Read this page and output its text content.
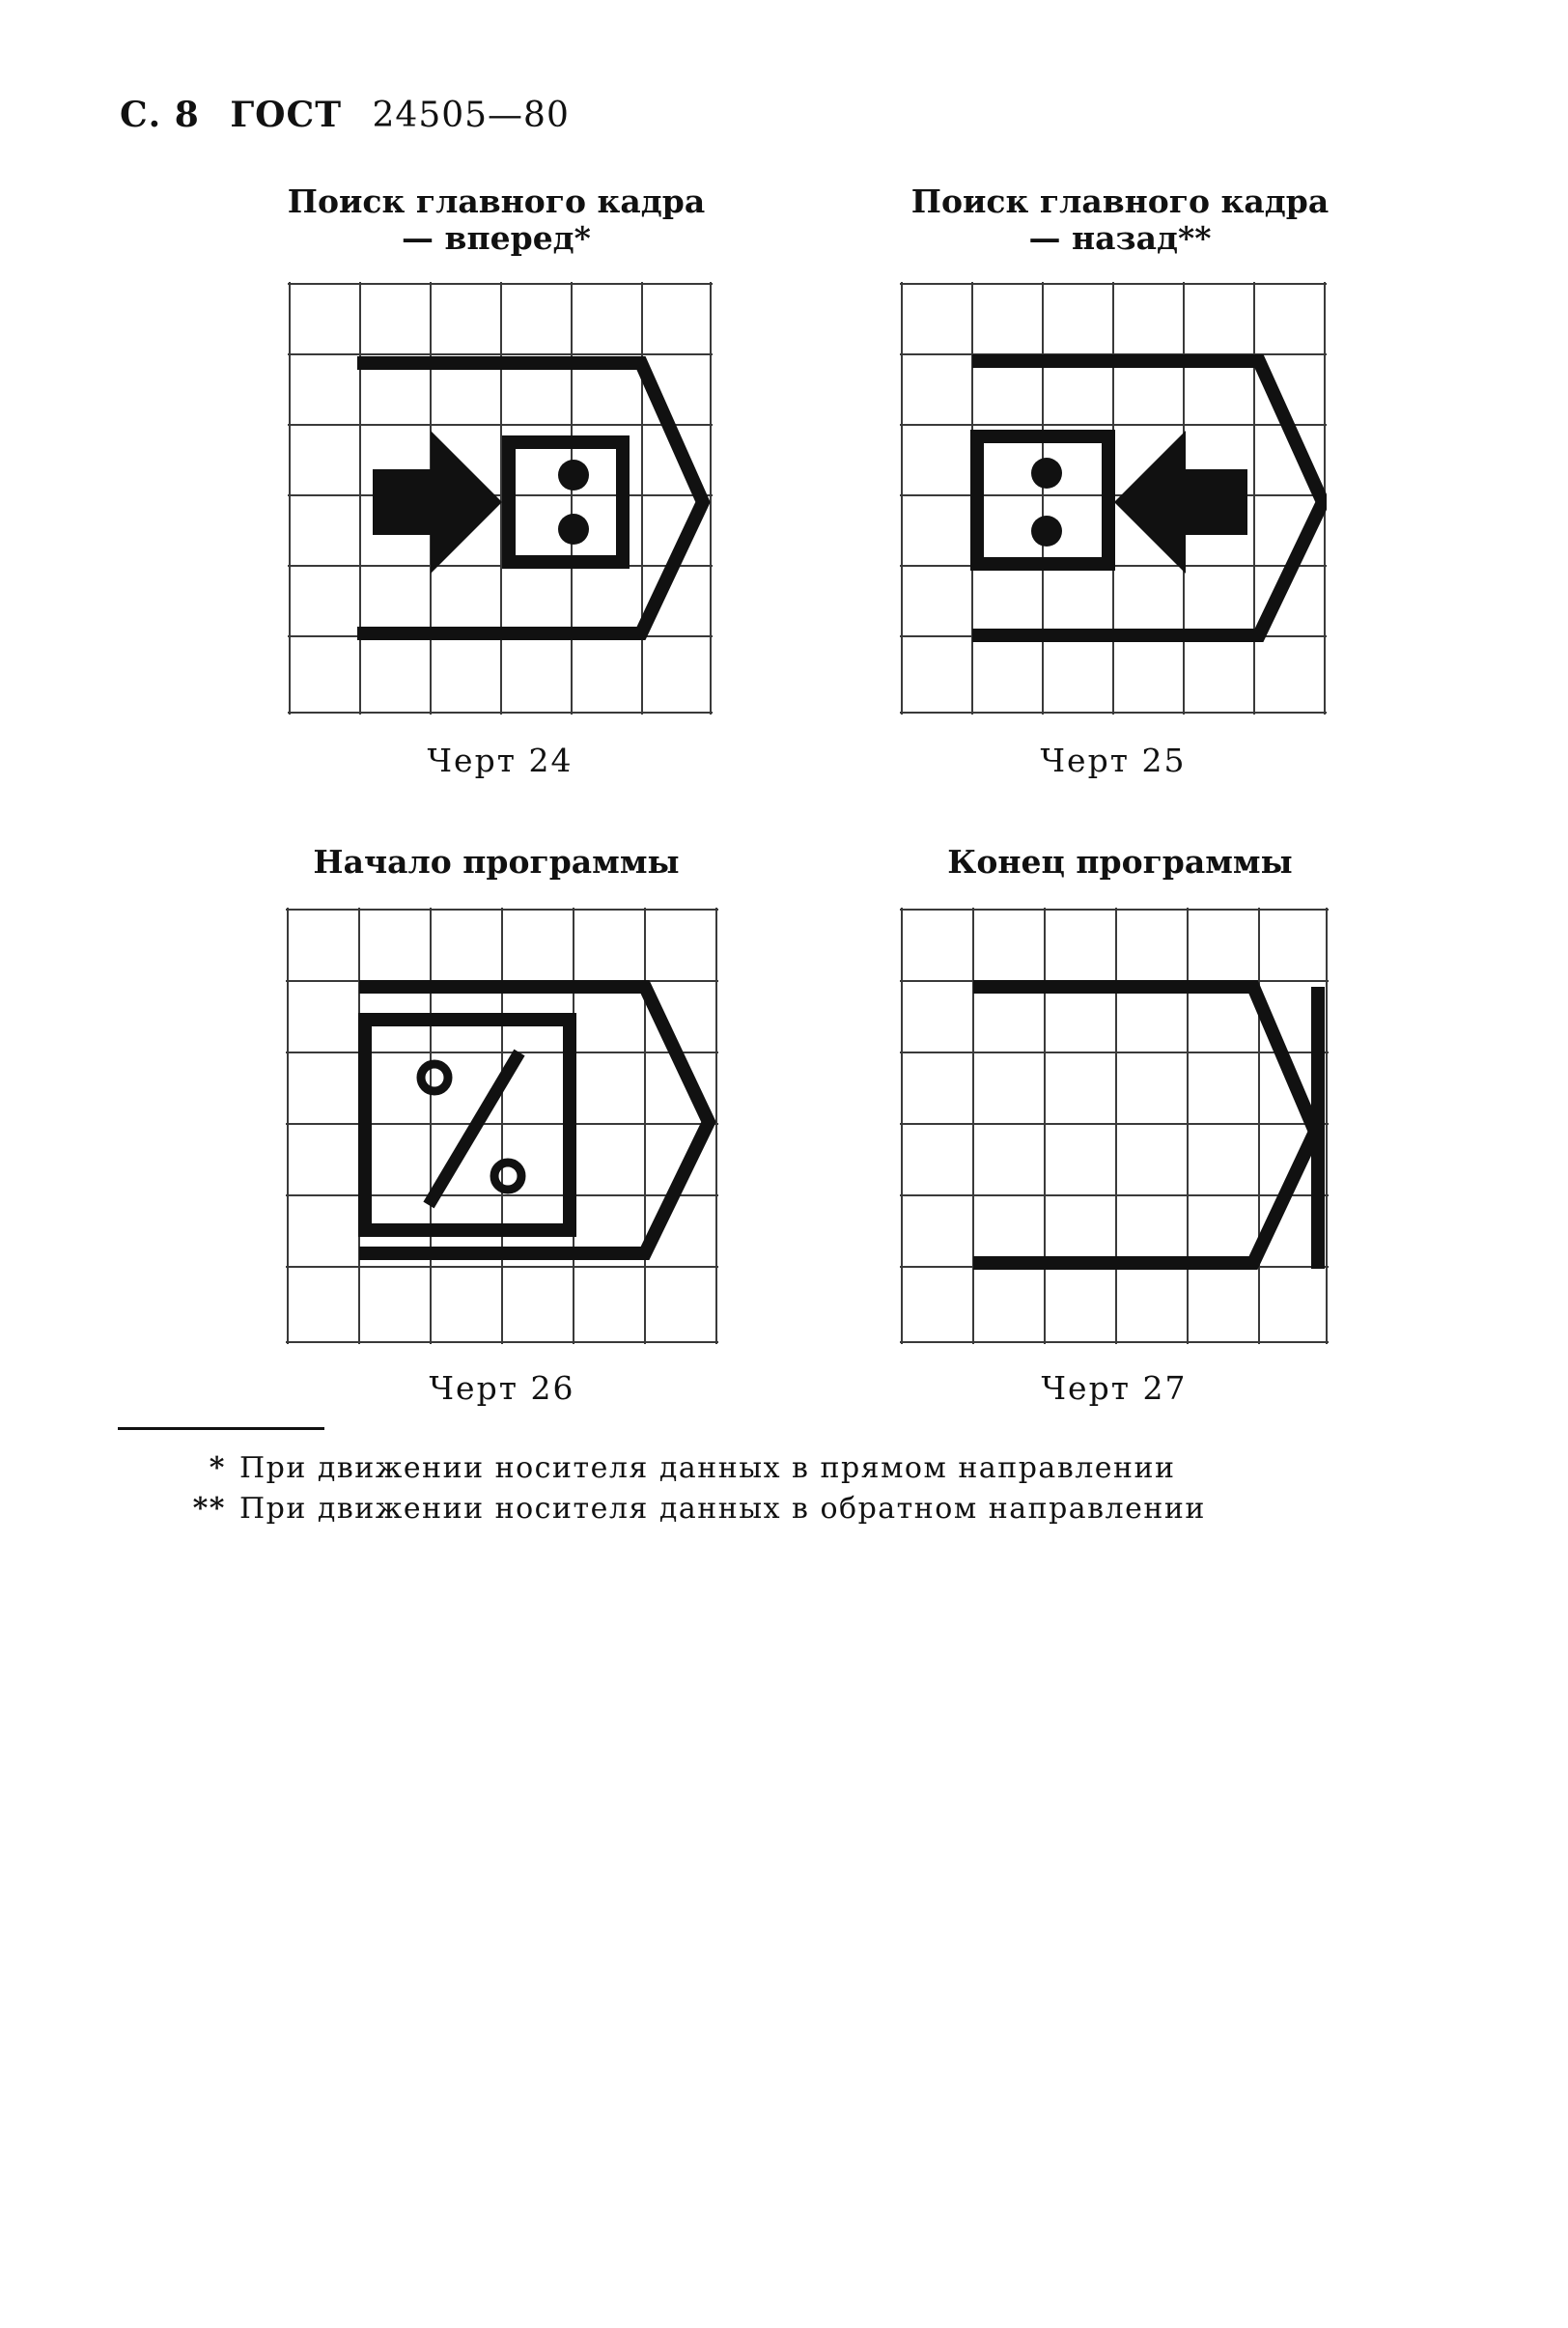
С. 8 ГОСТ 24505—80

Поиск главного кадра
— вперед*

Черт 24

Поиск главного кадра
— назад**

Черт 25

Начало программы

Черт 26

Конец программы

Черт 27
* При движении носителя данных в прямом направлении
** При движении носителя данных в обратном направлении
